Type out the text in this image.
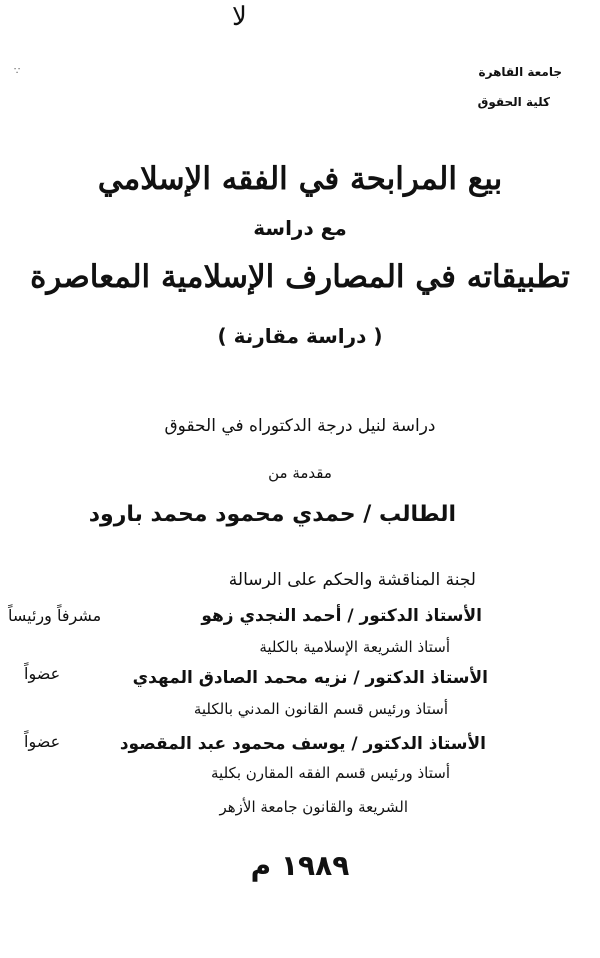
لا
∵	جامعة القاهرة
كلية الحقوق
بيع المرابحة في الفقه الإسلامي
مع دراسة
تطبيقاته في المصارف الإسلامية المعاصرة
( دراسة مقارنة )
دراسة لنيل درجة الدكتوراه في الحقوق
مقدمة من
الطالب / حمدي محمود محمد بارود
لجنة المناقشة والحكم على الرسالة
الأستاذ الدكتور / أحمد النجدي زهو
أستاذ الشريعة الإسلامية بالكلية
مشرفاً ورئيساً
الأستاذ الدكتور / نزيه محمد الصادق المهدي
أستاذ ورئيس قسم القانون المدني بالكلية
عضواً
الأستاذ الدكتور / يوسف محمود عبد المقصود
أستاذ ورئيس قسم الفقه المقارن بكلية
الشريعة والقانون جامعة الأزهر
عضواً
١٩٨٩ م
